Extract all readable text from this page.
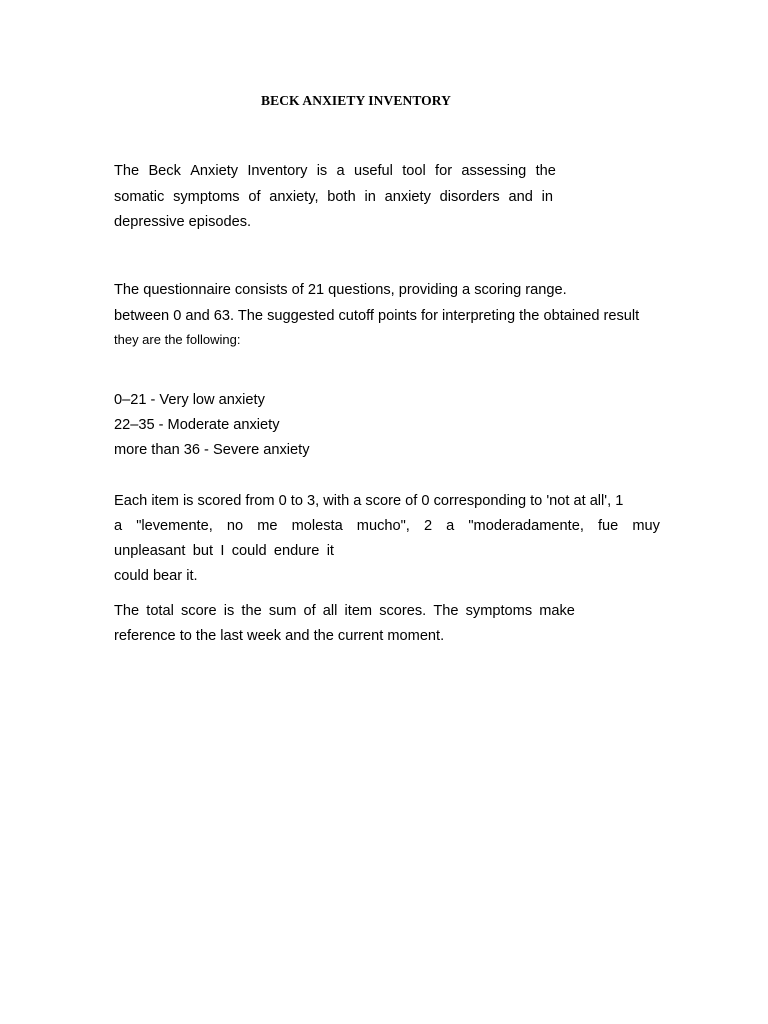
BECK ANXIETY INVENTORY
The Beck Anxiety Inventory is a useful tool for assessing the
somatic symptoms of anxiety, both in anxiety disorders and in
depressive episodes.
The questionnaire consists of 21 questions, providing a scoring range.
between 0 and 63. The suggested cutoff points for interpreting the obtained result
they are the following:
0–21 - Very low anxiety
22–35 - Moderate anxiety
more than 36 - Severe anxiety
Each item is scored from 0 to 3, with a score of 0 corresponding to 'not at all', 1
a "levemente, no me molesta mucho", 2 a "moderadamente, fue muy
unpleasant but I could endure it
could bear it.
The total score is the sum of all item scores. The symptoms make
reference to the last week and the current moment.
